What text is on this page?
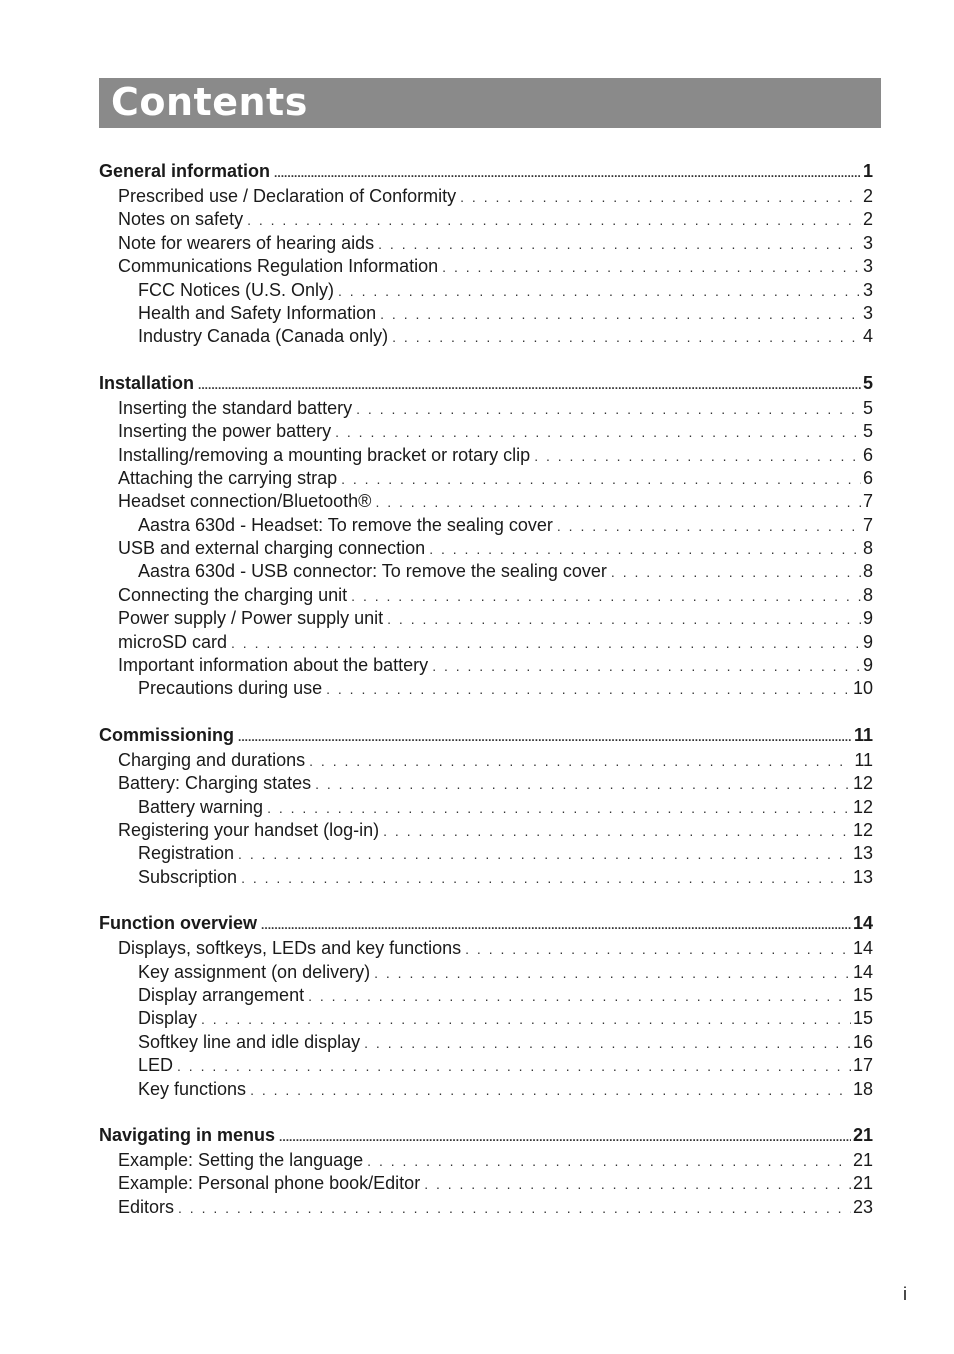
Contents
General information .....	1
Prescribed use / Declaration of Conformity . . .	2
Notes on safety . . .	2
Note for wearers of hearing aids . . .	3
Communications Regulation Information . . .	3
FCC Notices (U.S. Only) . . .	3
Health and Safety Information . . .	3
Industry Canada (Canada only) . . .	4
Installation .....	5
Inserting the standard battery . . .	5
Inserting the power battery . . .	5
Installing/removing a mounting bracket or rotary clip . . .	6
Attaching the carrying strap . . .	6
Headset connection/Bluetooth® . . .	7
Aastra 630d - Headset: To remove the sealing cover . . .	7
USB and external charging connection . . .	8
Aastra 630d - USB connector: To remove the sealing cover . . .	8
Connecting the charging unit . . .	8
Power supply / Power supply unit . . .	9
microSD card . . .	9
Important information about the battery . . .	9
Precautions during use . . .	10
Commissioning .....	11
Charging and durations . . .	11
Battery: Charging states . . .	12
Battery warning . . .	12
Registering your handset (log-in) . . .	12
Registration . . .	13
Subscription . . .	13
Function overview .....	14
Displays, softkeys, LEDs and key functions . . .	14
Key assignment (on delivery) . . .	14
Display arrangement . . .	15
Display . . .	15
Softkey line and idle display . . .	16
LED . . .	17
Key functions . . .	18
Navigating in menus .....	21
Example: Setting the language . . .	21
Example: Personal phone book/Editor . . .	21
Editors . . .	23
i
